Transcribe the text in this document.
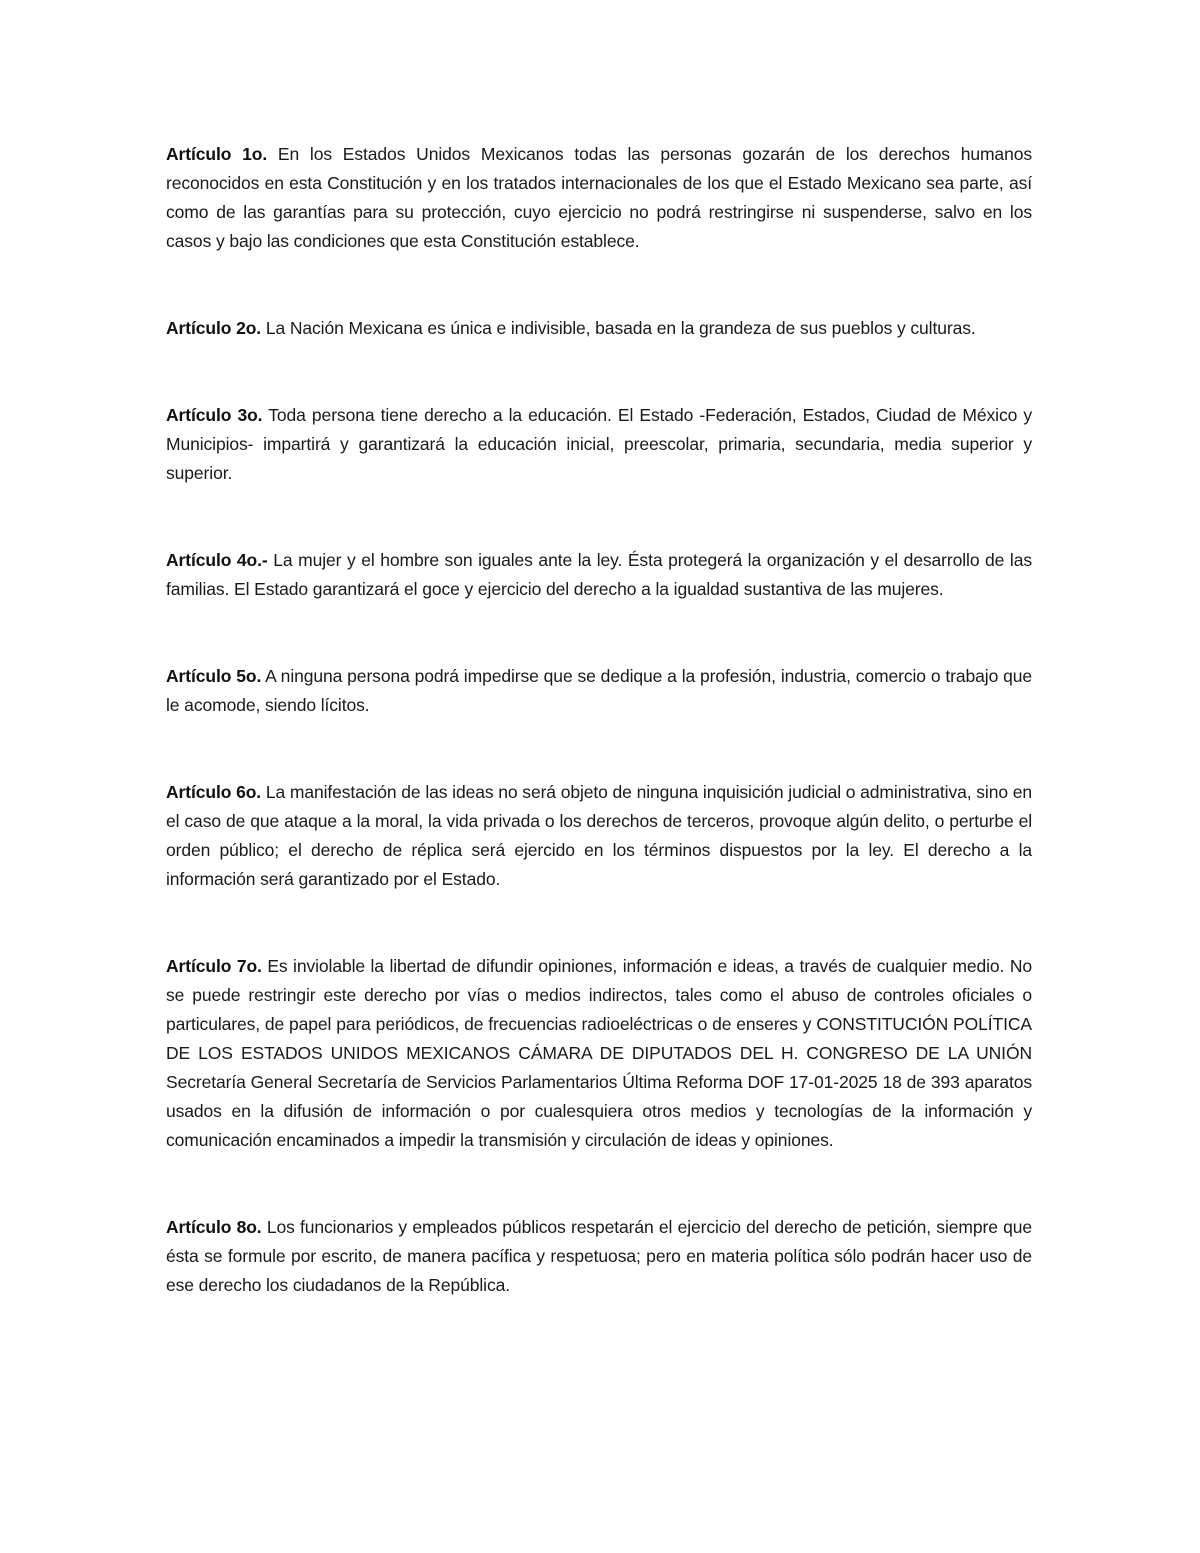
Artículo 1o. En los Estados Unidos Mexicanos todas las personas gozarán de los derechos humanos reconocidos en esta Constitución y en los tratados internacionales de los que el Estado Mexicano sea parte, así como de las garantías para su protección, cuyo ejercicio no podrá restringirse ni suspenderse, salvo en los casos y bajo las condiciones que esta Constitución establece.

Artículo 2o. La Nación Mexicana es única e indivisible, basada en la grandeza de sus pueblos y culturas.

Artículo 3o. Toda persona tiene derecho a la educación. El Estado -Federación, Estados, Ciudad de México y Municipios- impartirá y garantizará la educación inicial, preescolar, primaria, secundaria, media superior y superior.

Artículo 4o.- La mujer y el hombre son iguales ante la ley. Ésta protegerá la organización y el desarrollo de las familias. El Estado garantizará el goce y ejercicio del derecho a la igualdad sustantiva de las mujeres.

Artículo 5o. A ninguna persona podrá impedirse que se dedique a la profesión, industria, comercio o trabajo que le acomode, siendo lícitos.

Artículo 6o. La manifestación de las ideas no será objeto de ninguna inquisición judicial o administrativa, sino en el caso de que ataque a la moral, la vida privada o los derechos de terceros, provoque algún delito, o perturbe el orden público; el derecho de réplica será ejercido en los términos dispuestos por la ley. El derecho a la información será garantizado por el Estado.

Artículo 7o. Es inviolable la libertad de difundir opiniones, información e ideas, a través de cualquier medio. No se puede restringir este derecho por vías o medios indirectos, tales como el abuso de controles oficiales o particulares, de papel para periódicos, de frecuencias radioeléctricas o de enseres y CONSTITUCIÓN POLÍTICA DE LOS ESTADOS UNIDOS MEXICANOS CÁMARA DE DIPUTADOS DEL H. CONGRESO DE LA UNIÓN Secretaría General Secretaría de Servicios Parlamentarios Última Reforma DOF 17-01-2025 18 de 393 aparatos usados en la difusión de información o por cualesquiera otros medios y tecnologías de la información y comunicación encaminados a impedir la transmisión y circulación de ideas y opiniones.

Artículo 8o. Los funcionarios y empleados públicos respetarán el ejercicio del derecho de petición, siempre que ésta se formule por escrito, de manera pacífica y respetuosa; pero en materia política sólo podrán hacer uso de ese derecho los ciudadanos de la República.
